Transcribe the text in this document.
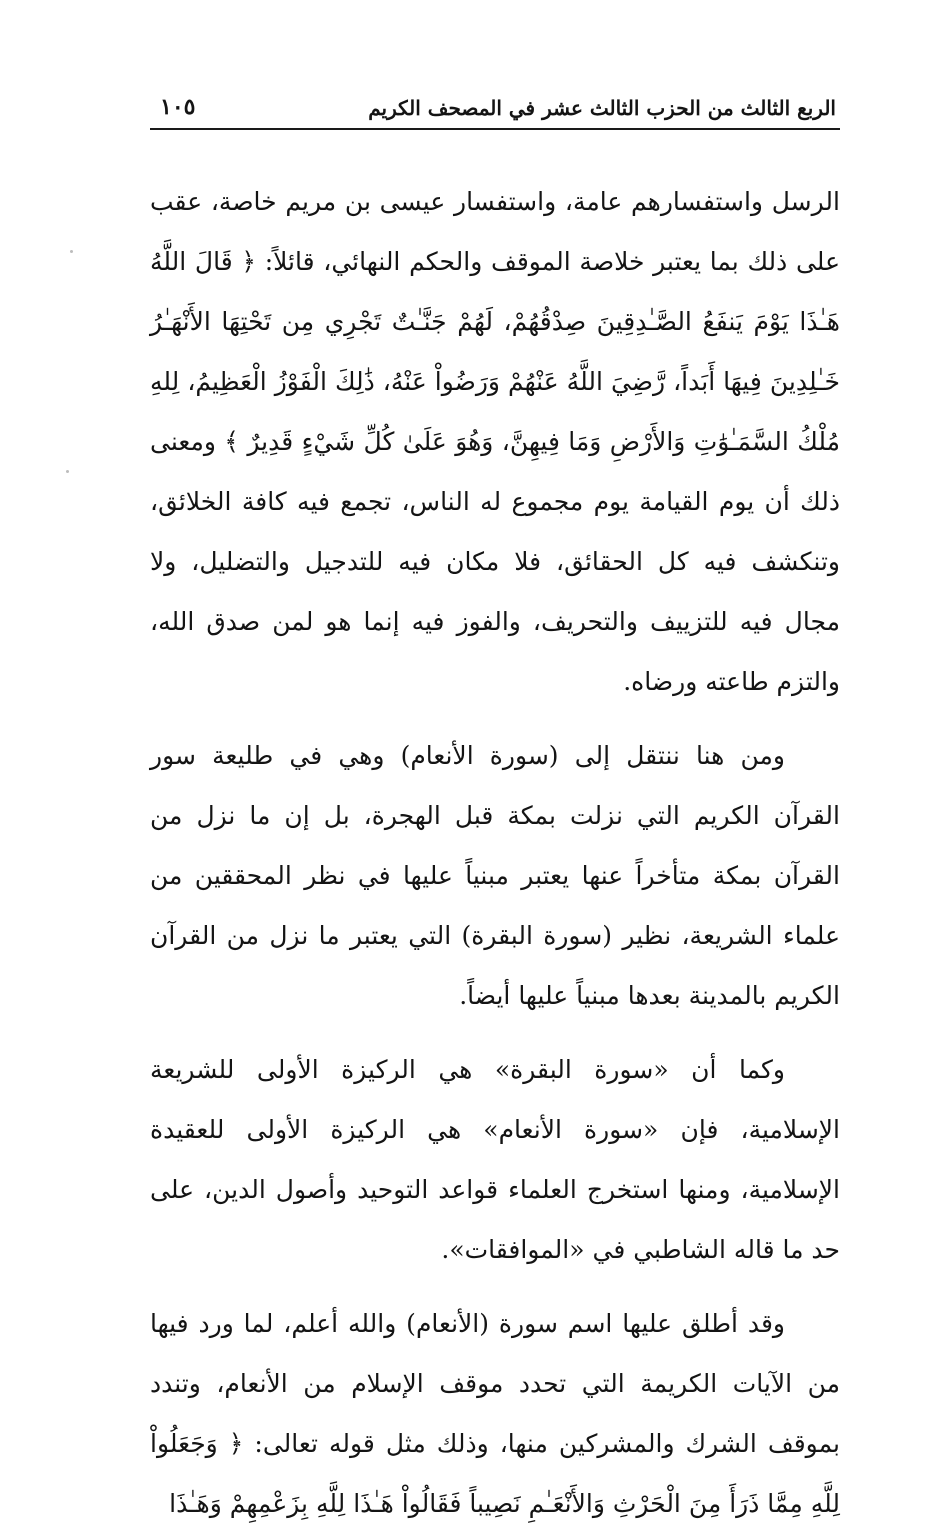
الربع الثالث من الحزب الثالث عشر في المصحف الكريم
١٠٥

الرسل واستفسارهم عامة، واستفسار عيسى بن مريم خاصة، عقب على ذلك بما يعتبر خلاصة الموقف والحكم النهائي، قائلاً: ﴿ قَالَ اللَّهُ هَـٰذَا يَوْمَ يَنفَعُ الصَّـٰدِقِينَ صِدْقُهُمْ، لَهُمْ جَنَّـٰتٌ تَجْرِي مِن تَحْتِهَا الأَنْهَـٰرُ خَـٰلِدِينَ فِيهَا أَبَداً، رَّضِيَ اللَّهُ عَنْهُمْ وَرَضُواْ عَنْهُ، ذَٰلِكَ الْفَوْزُ الْعَظِيمُ، لِلهِ مُلْكُ السَّمَـٰوَٰتِ وَالأَرْضِ وَمَا فِيهِنَّ، وَهُوَ عَلَىٰ كُلِّ شَيْءٍ قَدِيرٌ ﴾ ومعنى ذلك أن يوم القيامة يوم مجموع له الناس، تجمع فيه كافة الخلائق، وتنكشف فيه كل الحقائق، فلا مكان فيه للتدجيل والتضليل، ولا مجال فيه للتزييف والتحريف، والفوز فيه إنما هو لمن صدق الله، والتزم طاعته ورضاه.

ومن هنا ننتقل إلى (سورة الأنعام) وهي في طليعة سور القرآن الكريم التي نزلت بمكة قبل الهجرة، بل إن ما نزل من القرآن بمكة متأخراً عنها يعتبر مبنياً عليها في نظر المحققين من علماء الشريعة، نظير (سورة البقرة) التي يعتبر ما نزل من القرآن الكريم بالمدينة بعدها مبنياً عليها أيضاً.

وكما أن «سورة البقرة» هي الركيزة الأولى للشريعة الإسلامية، فإن «سورة الأنعام» هي الركيزة الأولى للعقيدة الإسلامية، ومنها استخرج العلماء قواعد التوحيد وأصول الدين، على حد ما قاله الشاطبي في «الموافقات».

وقد أطلق عليها اسم سورة (الأنعام) والله أعلم، لما ورد فيها من الآيات الكريمة التي تحدد موقف الإسلام من الأنعام، وتندد بموقف الشرك والمشركين منها، وذلك مثل قوله تعالى: ﴿ وَجَعَلُواْ لِلَّهِ مِمَّا ذَرَأَ مِنَ الْحَرْثِ وَالأَنْعَـٰمِ نَصِيباً فَقَالُواْ هَـٰذَا لِلَّهِ بِزَعْمِهِمْ وَهَـٰذَا
